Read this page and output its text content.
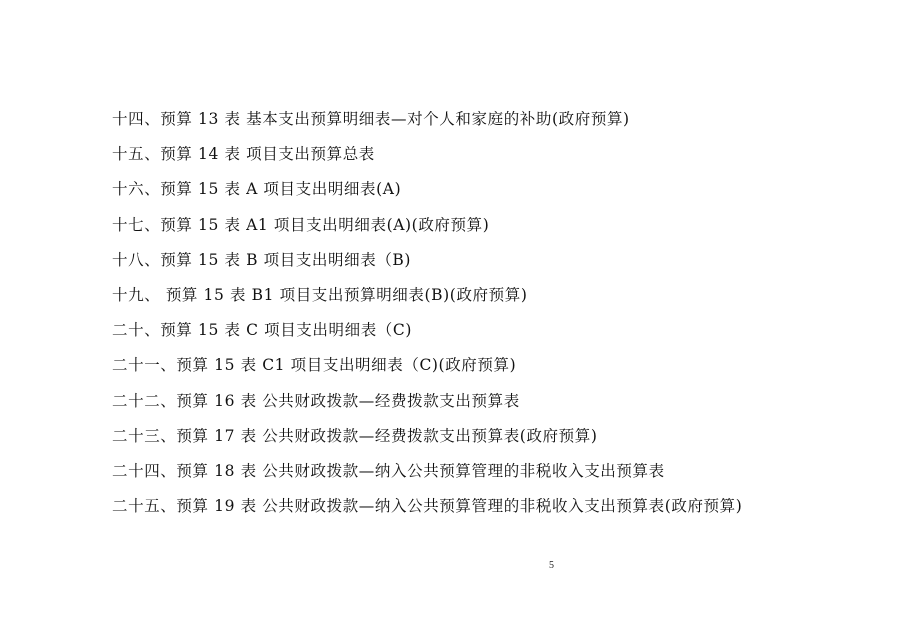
十四、预算 13 表 基本支出预算明细表—对个人和家庭的补助(政府预算)
十五、预算 14 表 项目支出预算总表
十六、预算 15 表 A 项目支出明细表(A)
十七、预算 15 表 A1 项目支出明细表(A)(政府预算)
十八、预算 15 表 B 项目支出明细表（B)
十九、 预算 15 表 B1 项目支出预算明细表(B)(政府预算)
二十、预算 15 表 C 项目支出明细表（C)
二十一、预算 15 表 C1 项目支出明细表（C)(政府预算)
二十二、预算 16 表 公共财政拨款—经费拨款支出预算表
二十三、预算 17 表 公共财政拨款—经费拨款支出预算表(政府预算)
二十四、预算 18 表 公共财政拨款—纳入公共预算管理的非税收入支出预算表
二十五、预算 19 表 公共财政拨款—纳入公共预算管理的非税收入支出预算表(政府预算)
5
